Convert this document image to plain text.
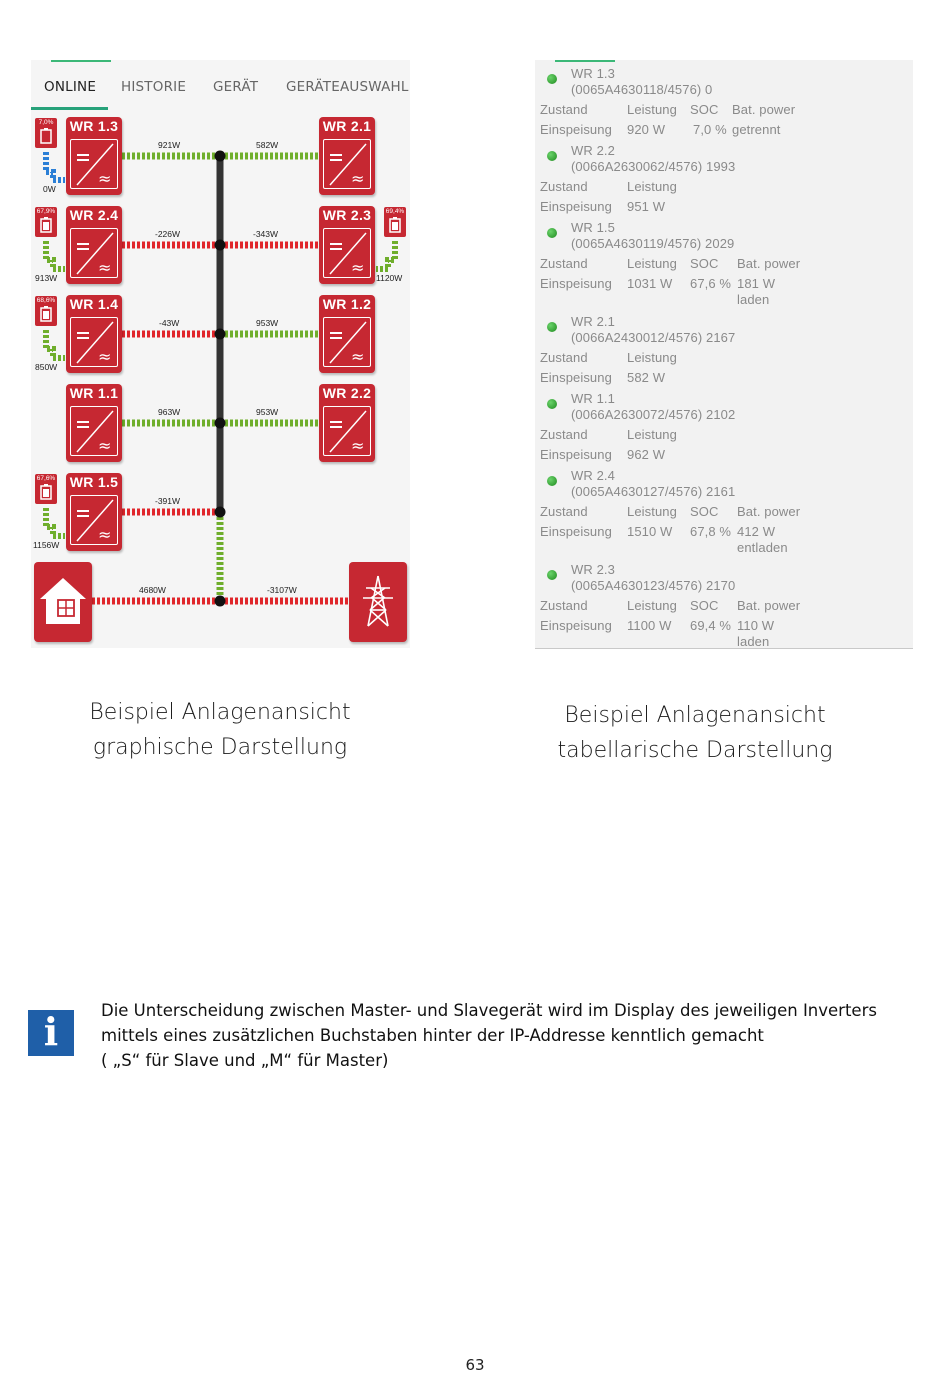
ONLINE HISTORIE GERÄT GERÄTEAUSWAHL
WR 1.3
≈
WR 2.4
≈
WR 1.4
≈
WR 1.1
≈
WR 1.5
≈
WR 2.1
≈
WR 2.3
≈
WR 1.2
≈
WR 2.2
≈
7,0%
67,9%	69,4%
68,6%
67,6%
0W
913W	1120W
850W
1156W
921W	582W
-226W	-343W
-43W	953W
963W	953W
-391W
4680W	-3107W
WR 1.3
(0065A4630118/4576) 0
Zustand	Leistung SOC Bat. power
Einspeisung 920 W 7,0 % getrennt
WR 2.2
(0066A2630062/4576) 1993
Zustand	Leistung
Einspeisung 951 W
WR 1.5
(0065A4630119/4576) 2029
Zustand	Leistung SOC Bat. power
Einspeisung 1031 W 67,6 % 181 W
laden
WR 2.1
(0066A2430012/4576) 2167
Zustand	Leistung
Einspeisung 582 W
WR 1.1
(0066A2630072/4576) 2102
Zustand	Leistung
Einspeisung 962 W
WR 2.4
(0065A4630127/4576) 2161
Zustand	Leistung SOC Bat. power
Einspeisung 1510 W 67,8 % 412 W
entladen
WR 2.3
(0065A4630123/4576) 2170
Zustand	Leistung SOC Bat. power
Einspeisung 1100 W 69,4 % 110 W
laden
Beispiel Anlagenansicht
graphische Darstellung
Beispiel Anlagenansicht
tabellarische Darstellung
i	Die Unterscheidung zwischen Master- und Slavegerät wird im Display des jeweiligen Inverters
mittels eines zusätzlichen Buchstaben hinter der IP-Addresse kenntlich gemacht
( „S“ für Slave und „M“ für Master)
63
